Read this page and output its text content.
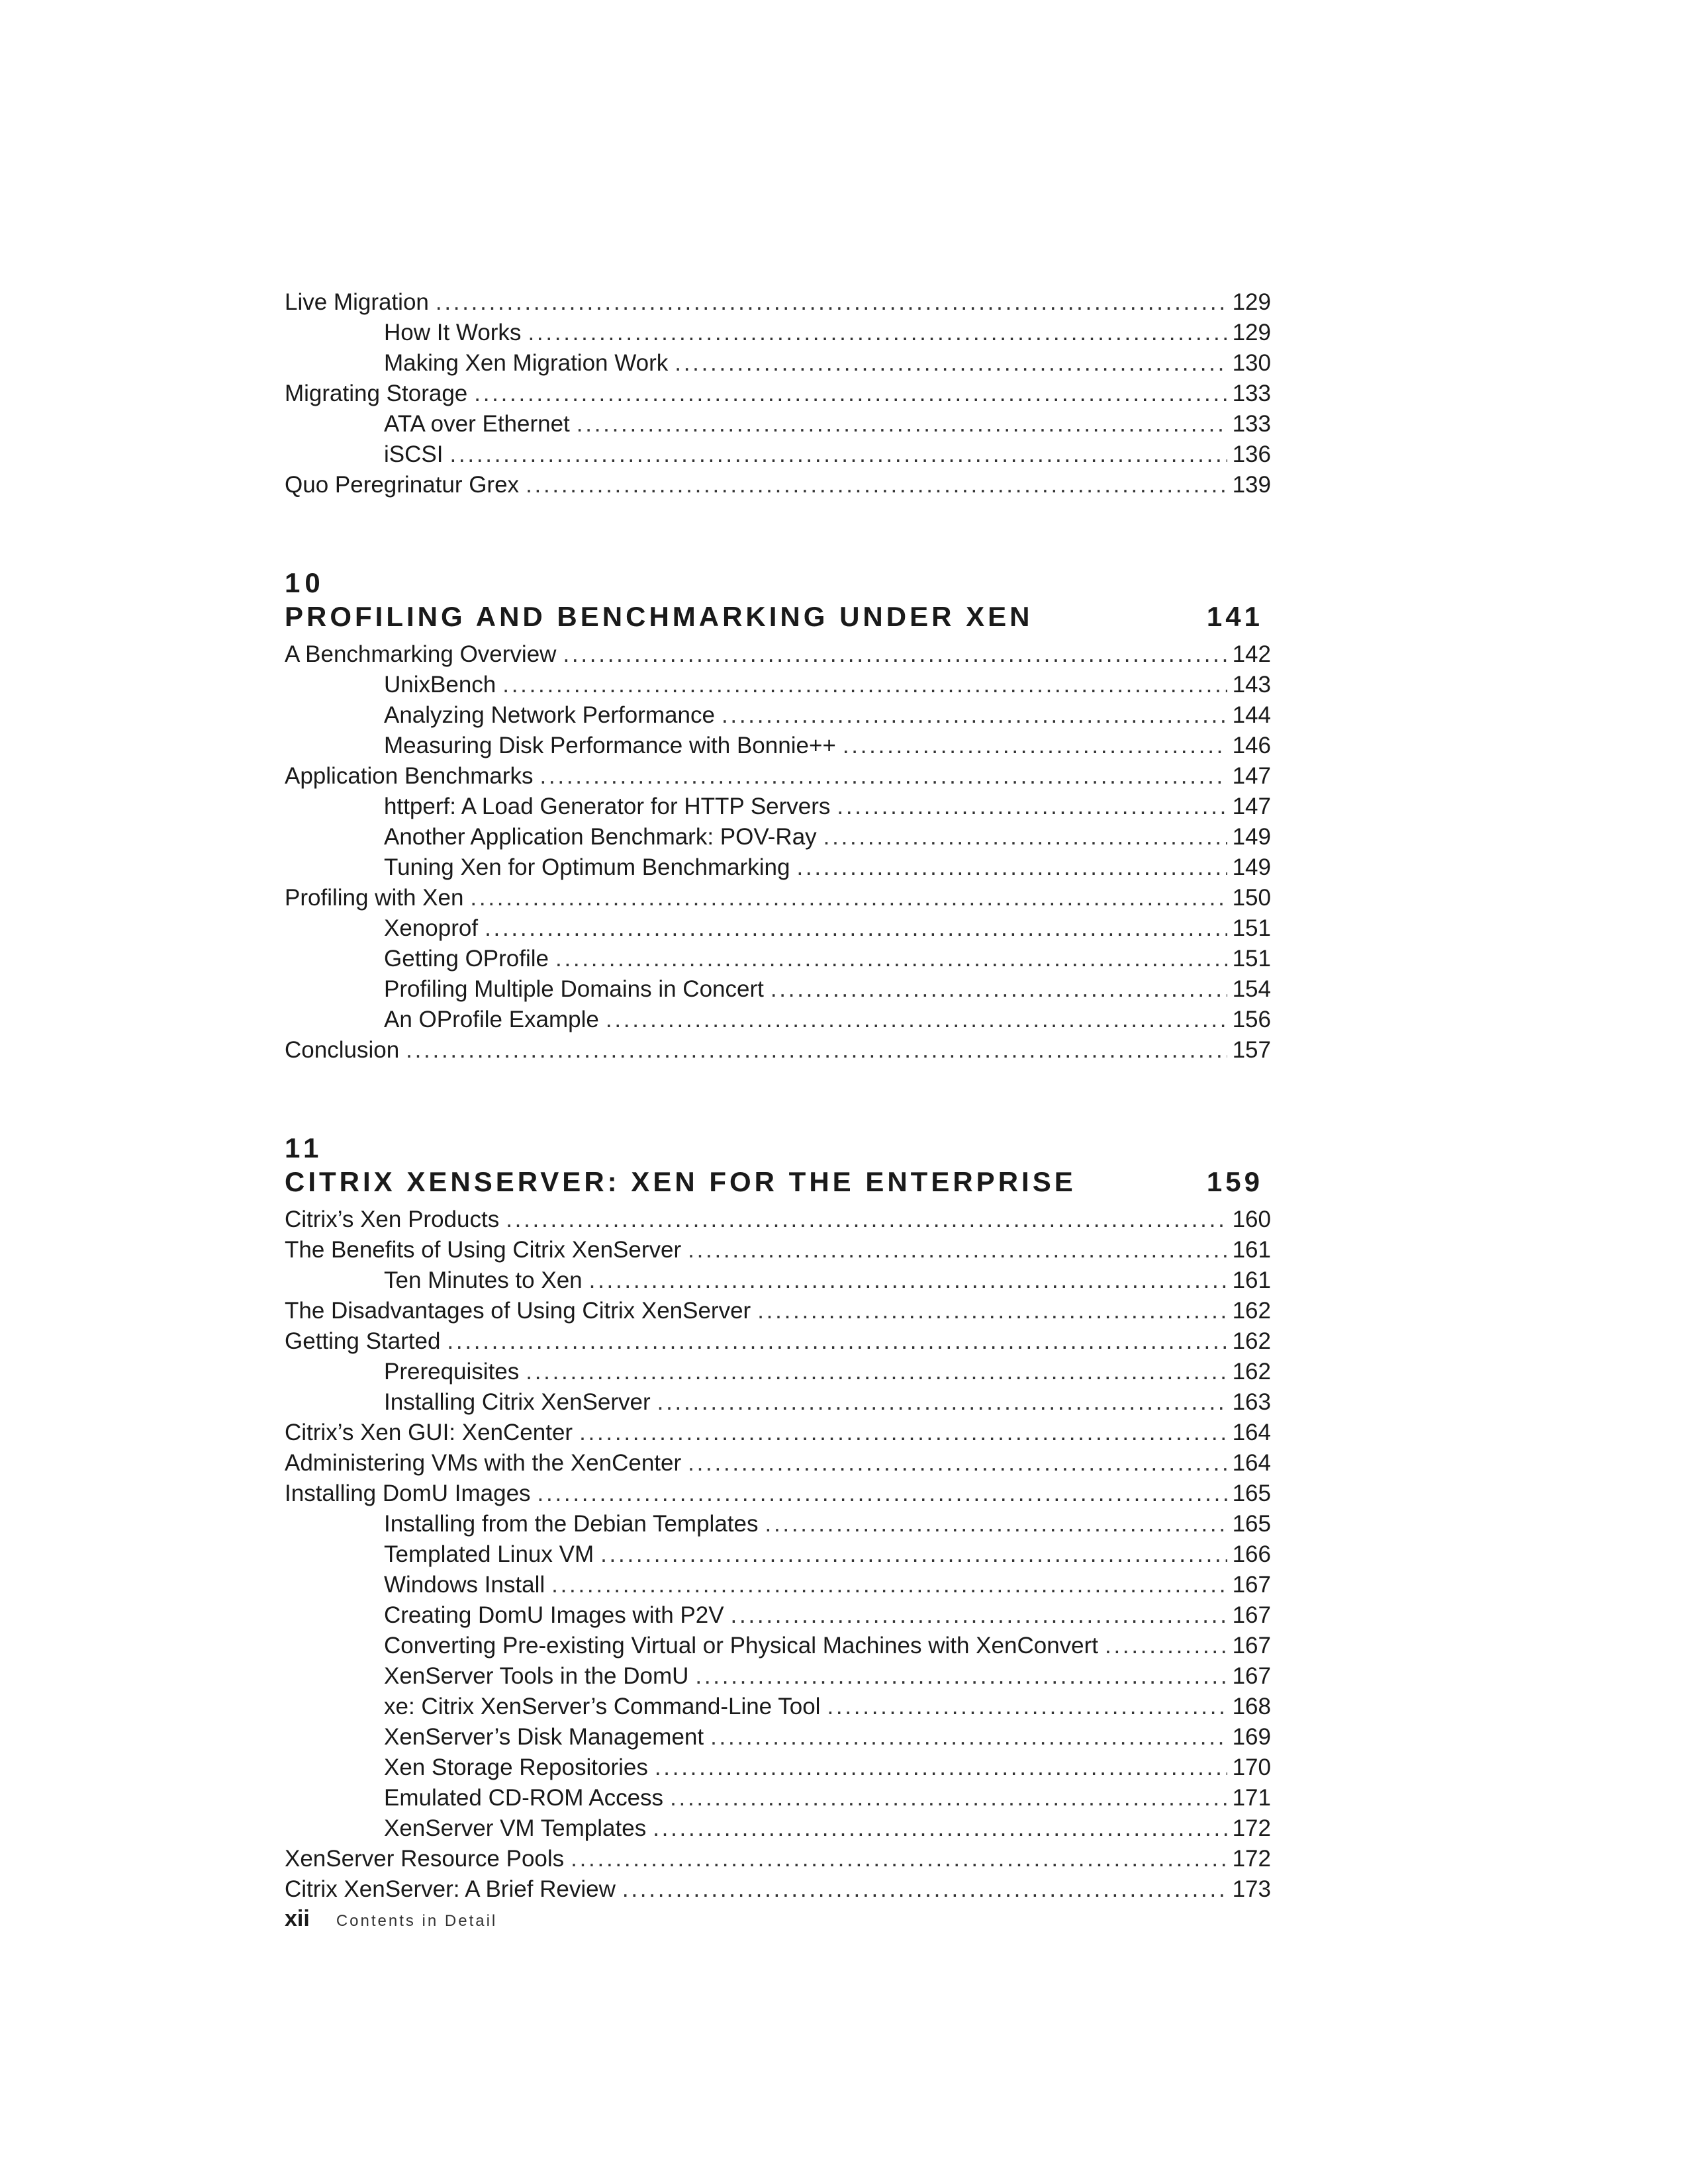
Live Migration . . .	129
How It Works . . .	129
Making Xen Migration Work . . .	130
Migrating Storage . . .	133
ATA over Ethernet . . .	133
iSCSI . . .	136
Quo Peregrinatur Grex . . .	139
10
PROFILING AND BENCHMARKING UNDER XEN	141
A Benchmarking Overview . . .	142
UnixBench . . .	143
Analyzing Network Performance . . .	144
Measuring Disk Performance with Bonnie++ . . .	146
Application Benchmarks . . .	147
httperf: A Load Generator for HTTP Servers . . .	147
Another Application Benchmark: POV-Ray . . .	149
Tuning Xen for Optimum Benchmarking . . .	149
Profiling with Xen . . .	150
Xenoprof . . .	151
Getting OProfile . . .	151
Profiling Multiple Domains in Concert . . .	154
An OProfile Example . . .	156
Conclusion . . .	157
11
CITRIX XENSERVER: XEN FOR THE ENTERPRISE	159
Citrix’s Xen Products . . .	160
The Benefits of Using Citrix XenServer . . .	161
Ten Minutes to Xen . . .	161
The Disadvantages of Using Citrix XenServer . . .	162
Getting Started . . .	162
Prerequisites . . .	162
Installing Citrix XenServer . . .	163
Citrix’s Xen GUI: XenCenter . . .	164
Administering VMs with the XenCenter . . .	164
Installing DomU Images . . .	165
Installing from the Debian Templates . . .	165
Templated Linux VM . . .	166
Windows Install . . .	167
Creating DomU Images with P2V . . .	167
Converting Pre-existing Virtual or Physical Machines with XenConvert . . .	167
XenServer Tools in the DomU . . .	167
xe: Citrix XenServer’s Command-Line Tool . . .	168
XenServer’s Disk Management . . .	169
Xen Storage Repositories . . .	170
Emulated CD-ROM Access . . .	171
XenServer VM Templates . . .	172
XenServer Resource Pools . . .	172
Citrix XenServer: A Brief Review . . .	173
xii Contents in Detail
